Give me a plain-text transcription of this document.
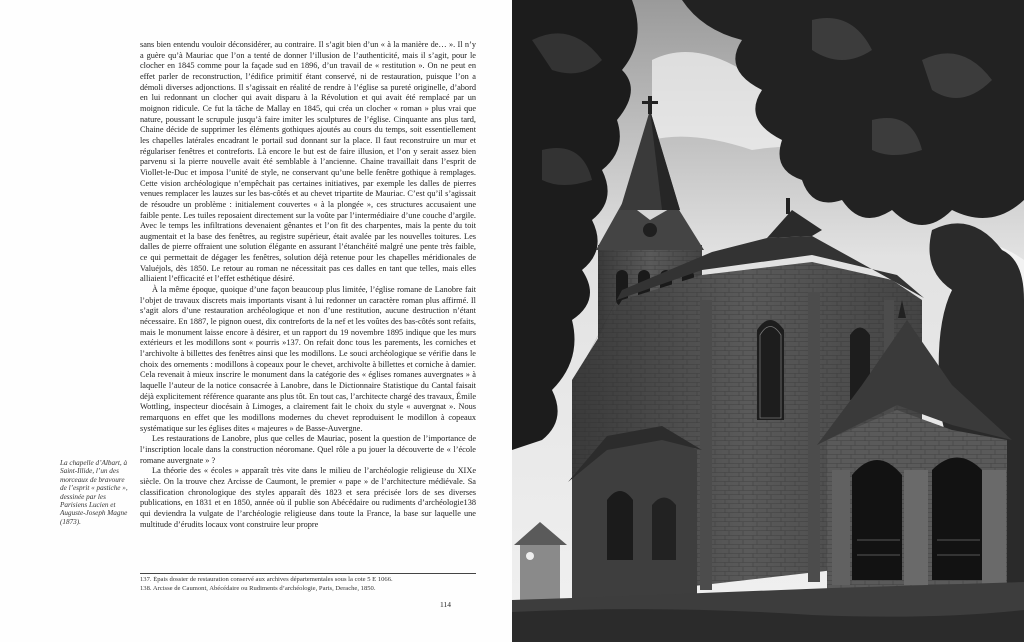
sans bien entendu vouloir déconsidérer, au contraire. Il s’agit bien d’un « à la manière de… ». Il n’y a guère qu’à Mauriac que l’on a tenté de donner l’illusion de l’authenticité, mais il s’agit, pour le clocher en 1845 comme pour la façade sud en 1896, d’un travail de « restitution ». On ne peut en effet parler de reconstruction, l’édifice primitif étant conservé, ni de restauration, puisque l’on a démoli diverses adjonctions. Il s’agissait en réalité de rendre à l’église sa pureté originelle, d’abord en lui redonnant un clocher qui avait disparu à la Révolution et qui avait été remplacé par un moignon ridicule. Ce fut la tâche de Mallay en 1845, qui créa un clocher « roman » plus vrai que nature, poussant le scrupule jusqu’à faire imiter les sculptures de l’église. Cinquante ans plus tard, Chaine décide de supprimer les éléments gothiques ajoutés au cours du temps, soit essentiellement les chapelles latérales encadrant le portail sud donnant sur la place. Il faut reconstruire un mur et régulariser fenêtres et contreforts. Là encore le but est de faire illusion, et l’on y serait assez bien parvenu si la pierre nouvelle avait été semblable à l’ancienne. Chaine travaillait dans l’esprit de Viollet-le-Duc et imposa l’unité de style, ne conservant qu’une belle fenêtre gothique à remplages. Cette vision archéologique n’empêchait pas certaines initiatives, par exemple les dalles de pierres venues remplacer les lauzes sur les bas-côtés et au chevet tripartite de Mauriac. C’est qu’il s’agissait de résoudre un problème : initialement couvertes « à la plongée », ces structures accusaient une faible pente. Les tuiles reposaient directement sur la voûte par l’intermédiaire d’une couche d’argile. Avec le temps les infiltrations devenaient gênantes et l’on fit des charpentes, mais la pente du toit augmentait et la base des fenêtres, au registre supérieur, était avalée par les nouvelles toitures. Les dalles de pierre offraient une solution élégante en assurant l’étanchéité malgré une pente très faible, ce qui permettait de dégager les fenêtres, solution déjà retenue pour les chapelles méridionales de Valuéjols, dès 1850. Le retour au roman ne nécessitait pas ces dalles en tant que telles, mais elles alliaient l’efficacité et l’effet esthétique désiré.

À la même époque, quoique d’une façon beaucoup plus limitée, l’église romane de Lanobre fait l’objet de travaux discrets mais importants visant à lui redonner un caractère roman plus affirmé. Il s’agit alors d’une restauration archéologique et non d’une restitution, aucune destruction n’étant nécessaire. En 1887, le pignon ouest, dix contreforts de la nef et les voûtes des bas-côtés sont refaits, mais le monument laisse encore à désirer, et un rapport du 19 novembre 1895 indique que les murs extérieurs et les modillons sont « pourris »137. On refait donc tous les parements, les corniches et l’archivolte à billettes des fenêtres ainsi que les modillons. Le souci archéologique se vérifie dans le choix des ornements : modillons à copeaux pour le chevet, archivolte à billettes et corniche à damier. Cela revenait à mieux inscrire le monument dans la catégorie des « églises romanes auvergnates » à laquelle l’auteur de la notice consacrée à Lanobre, dans le Dictionnaire Statistique du Cantal faisait déjà explicitement référence quarante ans plus tôt. En tout cas, l’architecte chargé des travaux, Émile Wottling, inspecteur diocésain à Limoges, a clairement fait le choix du style « auvergnat ». Nous remarquons en effet que les modillons modernes du chevet reproduisent le modillon à copeaux systématique sur les églises dites « majeures » de Basse-Auvergne.

Les restaurations de Lanobre, plus que celles de Mauriac, posent la question de l’importance de l’inscription locale dans la construction néoromane. Quel rôle a pu jouer la découverte de « l’école romane auvergnate » ?

La théorie des « écoles » apparaît très vite dans le milieu de l’archéologie religieuse du XIXe siècle. On la trouve chez Arcisse de Caumont, le premier « pape » de l’architecture médiévale. Sa classification chronologique des styles apparaît dès 1823 et sera précisée lors de ses diverses publications, en 1831 et en 1850, année où il publie son Abécédaire ou rudiments d’archéologie138 qui deviendra la vulgate de l’archéologie religieuse dans toute la France, la base sur laquelle une multitude d’érudits locaux vont construire leur propre

La chapelle d’Albart, à Saint-Illide, l’un des morceaux de bravoure de l’esprit « pastiche », dessinée par les Parisiens Lucien et Auguste-Joseph Magne (1873).
137. Épais dossier de restauration conservé aux archives départementales sous la cote 5 E 1066.
138. Arcisse de Caumont, Abécédaire ou Rudiments d’archéologie, Paris, Derache, 1850.
114
